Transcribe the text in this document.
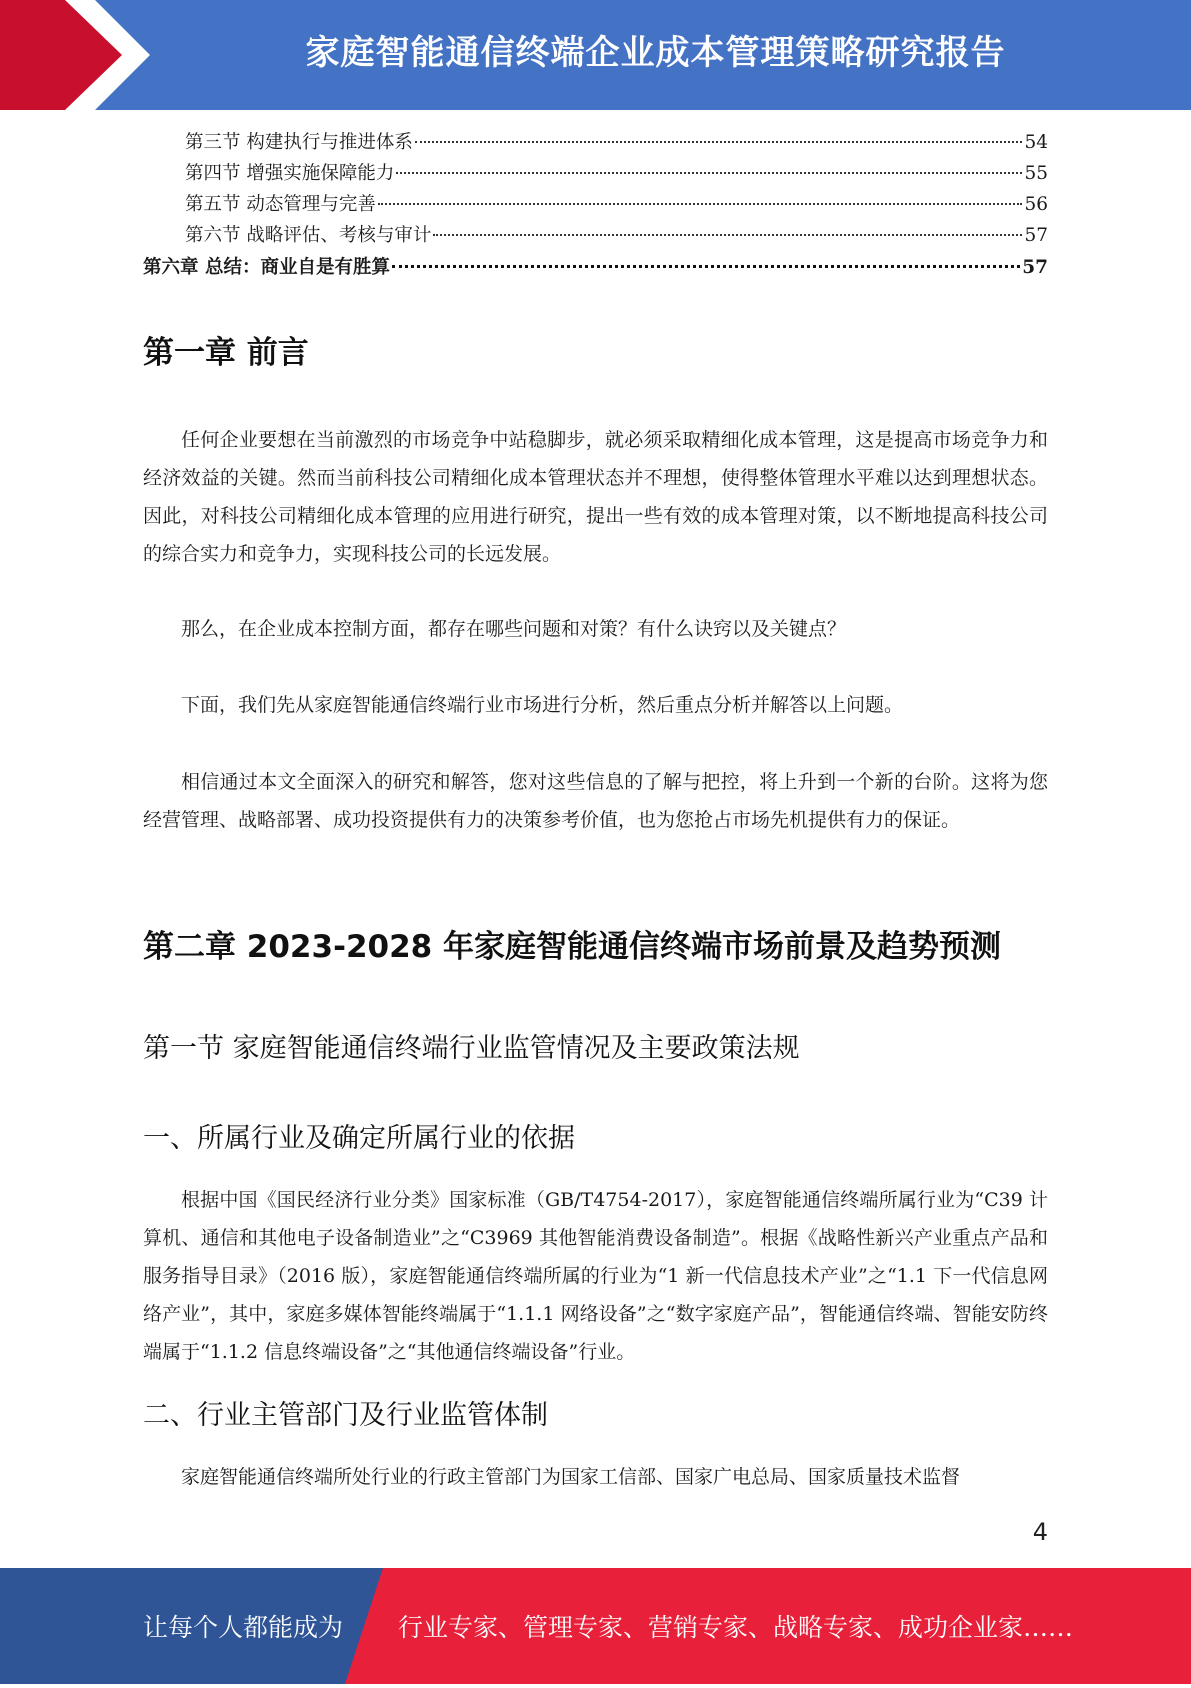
家庭智能通信终端企业成本管理策略研究报告
第三节 构建执行与推进体系	54
第四节 增强实施保障能力	55
第五节 动态管理与完善	56
第六节 战略评估、考核与审计	57
第六章 总结：商业自是有胜算	57
第一章 前言

任何企业要想在当前激烈的市场竞争中站稳脚步，就必须采取精细化成本管理，这是提高市场竞争力和经济效益的关键。然而当前科技公司精细化成本管理状态并不理想，使得整体管理水平难以达到理想状态。因此，对科技公司精细化成本管理的应用进行研究，提出一些有效的成本管理对策，以不断地提高科技公司的综合实力和竞争力，实现科技公司的长远发展。

那么，在企业成本控制方面，都存在哪些问题和对策？有什么诀窍以及关键点？

下面，我们先从家庭智能通信终端行业市场进行分析，然后重点分析并解答以上问题。

相信通过本文全面深入的研究和解答，您对这些信息的了解与把控，将上升到一个新的台阶。这将为您经营管理、战略部署、成功投资提供有力的决策参考价值，也为您抢占市场先机提供有力的保证。

第二章 2023-2028 年家庭智能通信终端市场前景及趋势预测
第一节 家庭智能通信终端行业监管情况及主要政策法规
一、所属行业及确定所属行业的依据

根据中国《国民经济行业分类》国家标准（GB/T4754-2017），家庭智能通信终端所属行业为“C39 计算机、通信和其他电子设备制造业”之“C3969 其他智能消费设备制造”。根据《战略性新兴产业重点产品和服务指导目录》（2016 版），家庭智能通信终端所属的行业为“1 新一代信息技术产业”之“1.1 下一代信息网络产业”，其中，家庭多媒体智能终端属于“1.1.1 网络设备”之“数字家庭产品”，智能通信终端、智能安防终端属于“1.1.2 信息终端设备”之“其他通信终端设备”行业。

二、行业主管部门及行业监管体制

家庭智能通信终端所处行业的行政主管部门为国家工信部、国家广电总局、国家质量技术监督

4
让每个人都能成为 行业专家、管理专家、营销专家、战略专家、成功企业家……
